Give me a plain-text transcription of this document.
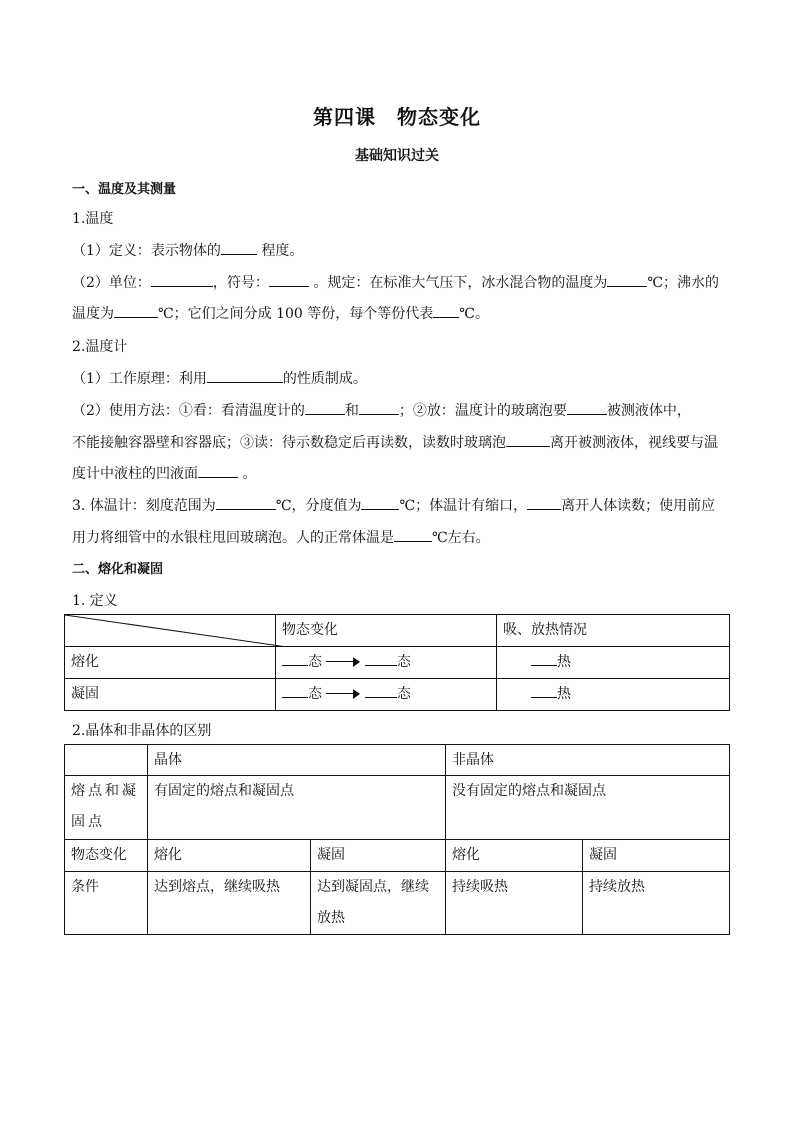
第四课　物态变化
基础知识过关
一、温度及其测量
1.温度
（1）定义：表示物体的	程度。
（2）单位：	，符号：	。规定：在标准大气压下，冰水混合物的温度为	℃；沸水的
温度为	℃；它们之间分成 100 等份，每个等份代表 ℃。
2.温度计
（1）工作原理：利用	的性质制成。
（2）使用方法：①看：看清温度计的	和	；②放：温度计的玻璃泡要	被测液体中，
不能接触容器壁和容器底；③读：待示数稳定后再读数，读数时玻璃泡	离开被测液体，视线要与温
度计中液柱的凹液面	。
3. 体温计：刻度范围为	℃，分度值为	℃；体温计有缩口， 离开人体读数；使用前应
用力将细管中的水银柱甩回玻璃泡。人的正常体温是	℃左右。
二、熔化和凝固
1. 定义
	物态变化	吸、放热情况
熔化	态 态	热
凝固	态 态	热
2.晶体和非晶体的区别
	晶体		非晶体	
熔点和凝固点	有固定的熔点和凝固点		没有固定的熔点和凝固点	
物态变化	熔化	凝固	熔化	凝固
条件	达到熔点，继续吸热	达到凝固点，继续放热	持续吸热	持续放热
